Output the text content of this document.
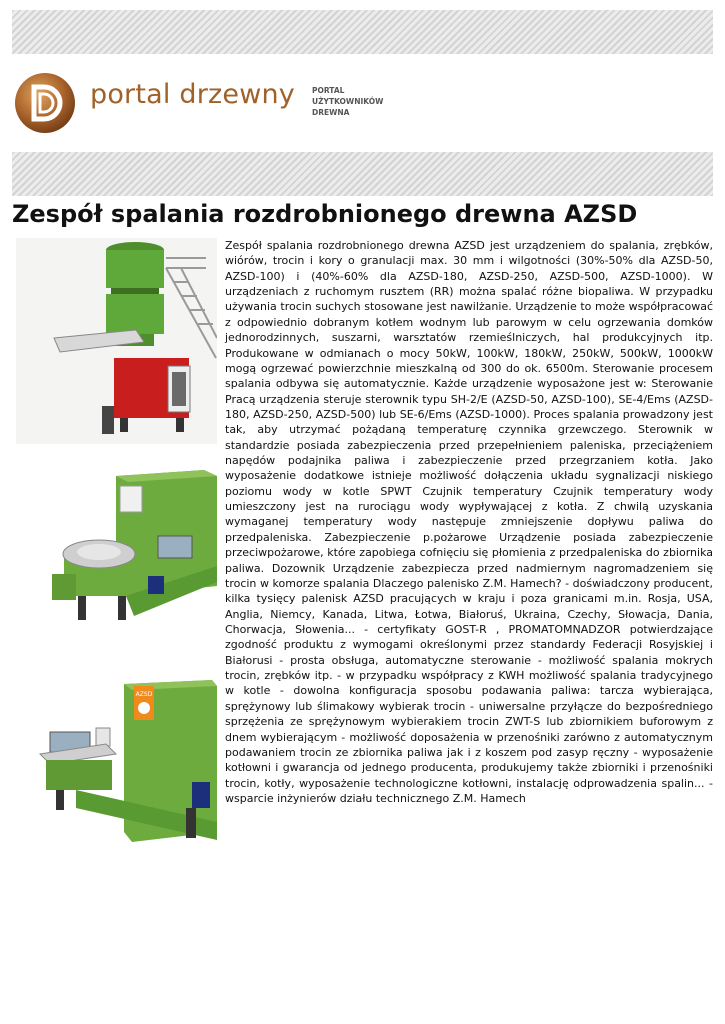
portal drzewny PORTAL
UŻYTKOWNIKÓW
DREWNA
Zespół spalania rozdrobnionego drewna AZSD
AZSD

Zespół spalania rozdrobnionego drewna AZSD jest urządzeniem do spalania, zrębków, wiórów, trocin i kory o granulacji max. 30 mm i wilgotności (30%-50% dla AZSD-50, AZSD-100) i (40%-60% dla AZSD-180, AZSD-250, AZSD-500, AZSD-1000). W urządzeniach z ruchomym rusztem (RR) można spalać różne biopaliwa. W przypadku używania trocin suchych stosowane jest nawilżanie. Urządzenie to może współpracować z odpowiednio dobranym kotłem wodnym lub parowym w celu ogrzewania domków jednorodzinnych, suszarni, warsztatów rzemieślniczych, hal produkcyjnych itp. Produkowane w odmianach o mocy 50kW, 100kW, 180kW, 250kW, 500kW, 1000kW mogą ogrzewać powierzchnie mieszkalną od 300 do ok. 6500m. Sterowanie procesem spalania odbywa się automatycznie. Każde urządzenie wyposażone jest w: Sterowanie Pracą urządzenia steruje sterownik typu SH-2/E (AZSD-50, AZSD-100), SE-4/Ems (AZSD-180, AZSD-250, AZSD-500) lub SE-6/Ems (AZSD-1000). Proces spalania prowadzony jest tak, aby utrzymać pożądaną temperaturę czynnika grzewczego. Sterownik w standardzie posiada zabezpieczenia przed przepełnieniem paleniska, przeciążeniem napędów podajnika paliwa i zabezpieczenie przed przegrzaniem kotła. Jako wyposażenie dodatkowe istnieje możliwość dołączenia układu sygnalizacji niskiego poziomu wody w kotle SPWT Czujnik temperatury Czujnik temperatury wody umieszczony jest na rurociągu wody wypływającej z kotła. Z chwilą uzyskania wymaganej temperatury wody następuje zmniejszenie dopływu paliwa do przedpaleniska. Zabezpieczenie p.pożarowe Urządzenie posiada zabezpieczenie przeciwpożarowe, które zapobiega cofnięciu się płomienia z przedpaleniska do zbiornika paliwa. Dozownik Urządzenie zabezpiecza przed nadmiernym nagromadzeniem się trocin w komorze spalania Dlaczego palenisko Z.M. Hamech? - doświadczony producent, kilka tysięcy palenisk AZSD pracujących w kraju i poza granicami m.in. Rosja, USA, Anglia, Niemcy, Kanada, Litwa, Łotwa, Białoruś, Ukraina, Czechy, Słowacja, Dania, Chorwacja, Słowenia... - certyfikaty GOST-R , PROMATOMNADZOR potwierdzające zgodność produktu z wymogami określonymi przez standardy Federacji Rosyjskiej i Białorusi - prosta obsługa, automatyczne sterowanie - możliwość spalania mokrych trocin, zrębków itp. - w przypadku współpracy z KWH możliwość spalania tradycyjnego w kotle - dowolna konfiguracja sposobu podawania paliwa: tarcza wybierająca, sprężynowy lub ślimakowy wybierak trocin - uniwersalne przyłącze do bezpośredniego sprzężenia ze sprężynowym wybierakiem trocin ZWT-S lub zbiornikiem buforowym z dnem wybierającym - możliwość doposażenia w przenośniki zarówno z automatycznym podawaniem trocin ze zbiornika paliwa jak i z koszem pod zasyp ręczny - wyposażenie kotłowni i gwarancja od jednego producenta, produkujemy także zbiorniki i przenośniki trocin, kotły, wyposażenie technologiczne kotłowni, instalację odprowadzenia spalin... - wsparcie inżynierów działu technicznego Z.M. Hamech
